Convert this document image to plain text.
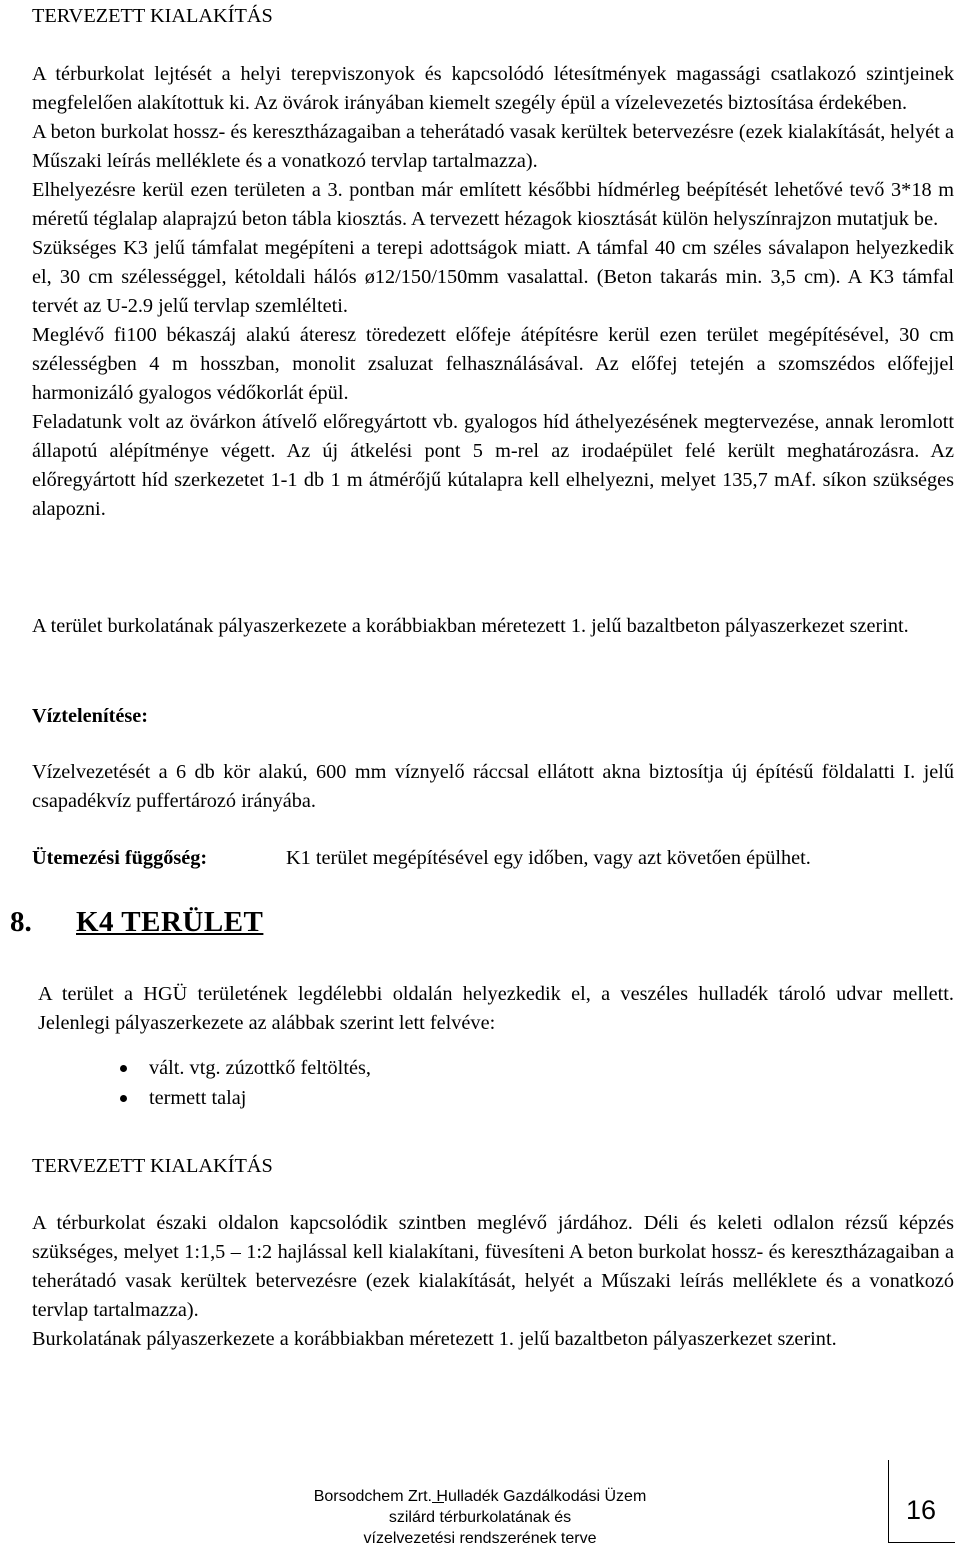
TERVEZETT KIALAKÍTÁS

A térburkolat lejtését a helyi terepviszonyok és kapcsolódó létesítmények magassági csatlakozó szintjeinek megfelelően alakítottuk ki. Az övárok irányában kiemelt szegély épül a vízelevezetés biztosítása érdekében.

A beton burkolat hossz- és keresztházagaiban a teherátadó vasak kerültek betervezésre (ezek kialakítását, helyét a Műszaki leírás melléklete és a vonatkozó tervlap tartalmazza).

Elhelyezésre kerül ezen területen a 3. pontban már említett későbbi hídmérleg beépítését lehetővé tevő 3*18 m méretű téglalap alaprajzú beton tábla kiosztás. A tervezett hézagok kiosztását külön helyszínrajzon mutatjuk be.

Szükséges K3 jelű támfalat megépíteni a terepi adottságok miatt. A támfal 40 cm széles sávalapon helyezkedik el, 30 cm szélességgel, kétoldali hálós ø12/150/150mm vasalattal. (Beton takarás min. 3,5 cm). A K3 támfal tervét az U-2.9 jelű tervlap szemlélteti.

Meglévő fi100 békaszáj alakú áteresz töredezett előfeje átépítésre kerül ezen terület megépítésével, 30 cm szélességben 4 m hosszban, monolit zsaluzat felhasználásával. Az előfej tetején a szomszédos előfejjel harmonizáló gyalogos védőkorlát épül.

Feladatunk volt az övárkon átívelő előregyártott vb. gyalogos híd áthelyezésének megtervezése, annak leromlott állapotú alépítménye végett. Az új átkelési pont 5 m-rel az irodaépület felé került meghatározásra. Az előregyártott híd szerkezetet 1-1 db 1 m átmérőjű kútalapra kell elhelyezni, melyet 135,7 mAf. síkon szükséges alapozni.

A terület burkolatának pályaszerkezete a korábbiakban méretezett 1. jelű bazaltbeton pályaszerkezet szerint.
Víztelenítése:
Vízelvezetését a 6 db kör alakú, 600 mm víznyelő ráccsal ellátott akna biztosítja új építésű földalatti I. jelű csapadékvíz puffertározó irányába.
Ütemezési függőség:	K1 terület megépítésével egy időben, vagy azt követően épülhet.
8. K4 TERÜLET
A terület a HGÜ területének legdélebbi oldalán helyezkedik el, a veszéles hulladék tároló udvar mellett. Jelenlegi pályaszerkezete az alábbak szerint lett felvéve:
vált. vtg. zúzottkő feltöltés,
termett talaj
TERVEZETT KIALAKÍTÁS

A térburkolat északi oldalon kapcsolódik szintben meglévő járdához. Déli és keleti odlalon rézsű képzés szükséges, melyet 1:1,5 – 1:2 hajlással kell kialakítani, füvesíteni A beton burkolat hossz- és keresztházagaiban a teherátadó vasak kerültek betervezésre (ezek kialakítását, helyét a Műszaki leírás melléklete és a vonatkozó tervlap tartalmazza).

Burkolatának pályaszerkezete a korábbiakban méretezett 1. jelű bazaltbeton pályaszerkezet szerint.

Borsodchem Zrt. Hulladék Gazdálkodási Üzem
szilárd térburkolatának és
vízelvezetési rendszerének terve
16
